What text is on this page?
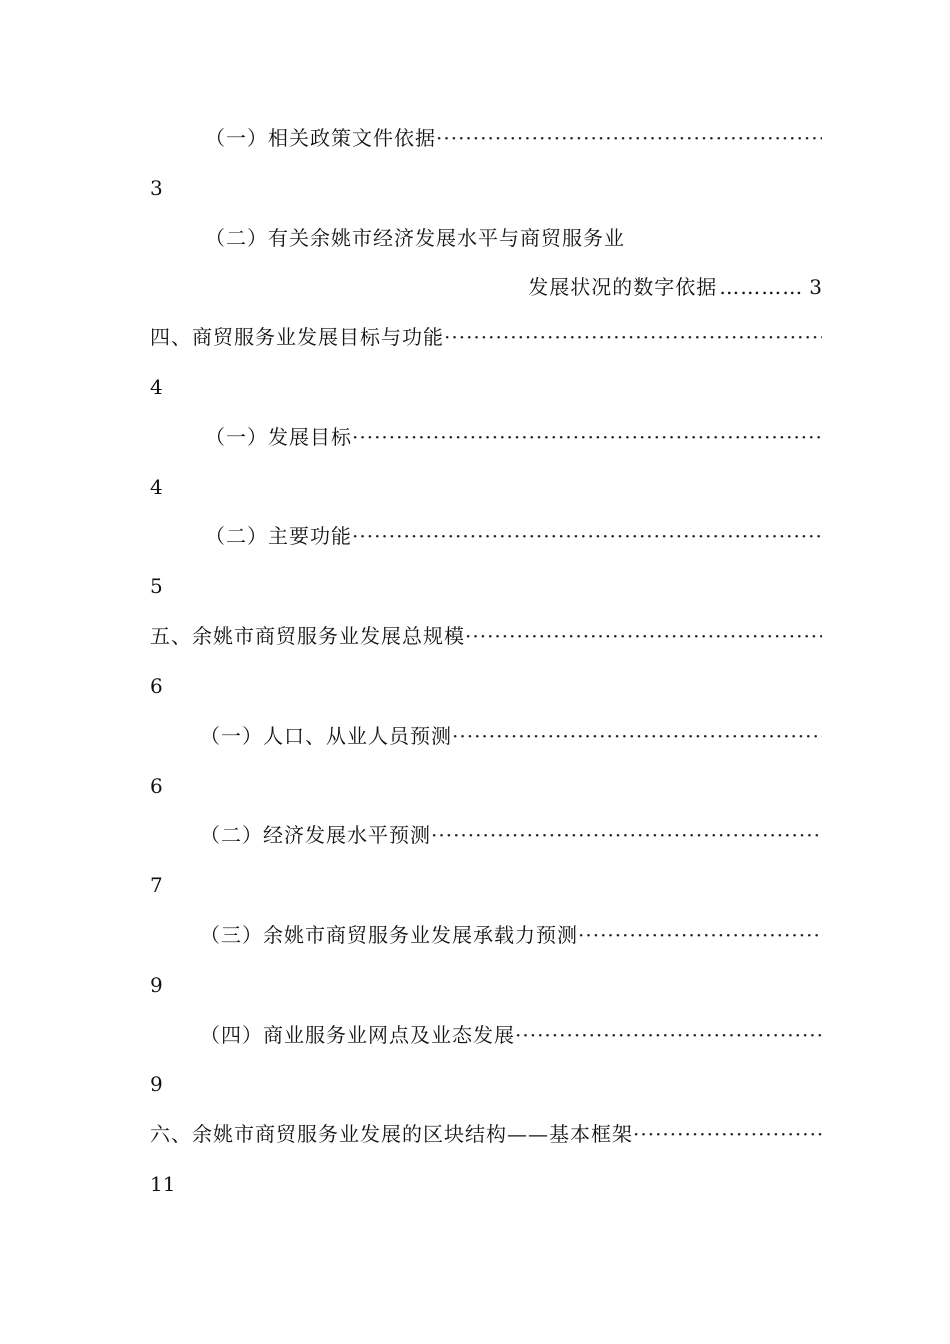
（一）相关政策文件依据
·····
3
（二）有关余姚市经济发展水平与商贸服务业
发展状况的数字依据 ………… 3
四、商贸服务业发展目标与功能
·····
4
（一）发展目标
·····
4
（二）主要功能
·····
5
五、余姚市商贸服务业发展总规模
·····
6
（一）人口、从业人员预测
·····
6
（二）经济发展水平预测
·····
7
（三）余姚市商贸服务业发展承载力预测
·····
9
（四）商业服务业网点及业态发展
·····
9
六、余姚市商贸服务业发展的区块结构——基本框架
·····
11
